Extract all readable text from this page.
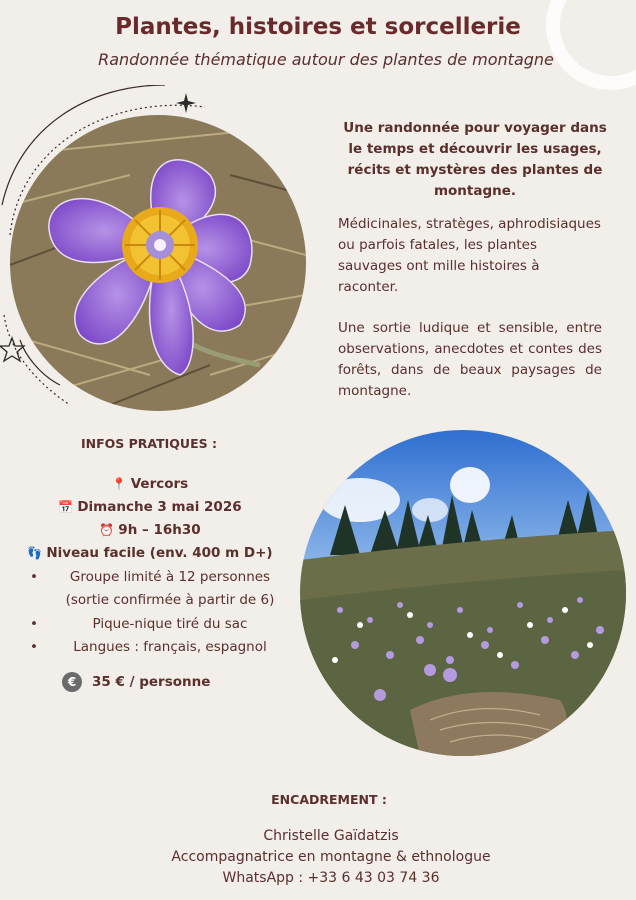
Plantes, histoires et sorcellerie

Randonnée thématique autour des plantes de montagne

Une randonnée pour voyager dans le temps et découvrir les usages, récits et mystères des plantes de montagne.

Médicinales, stratèges, aphrodisiaques ou parfois fatales, les plantes sauvages ont mille histoires à raconter.

Une sortie ludique et sensible, entre observations, anecdotes et contes des forêts, dans de beaux paysages de montagne.

INFOS PRATIQUES :
📍 Vercors
📅 Dimanche 3 mai 2026
⏰ 9h – 16h30
👣 Niveau facile (env. 400 m D+)
•	Groupe limité à 12 personnes
(sortie confirmée à partir de 6)
•	Pique-nique tiré du sac
•	Langues : français, espagnol
€	35 € / personne
ENCADREMENT :

Christelle Gaïdatzis

Accompagnatrice en montagne & ethnologue

WhatsApp : +33 6 43 03 74 36
